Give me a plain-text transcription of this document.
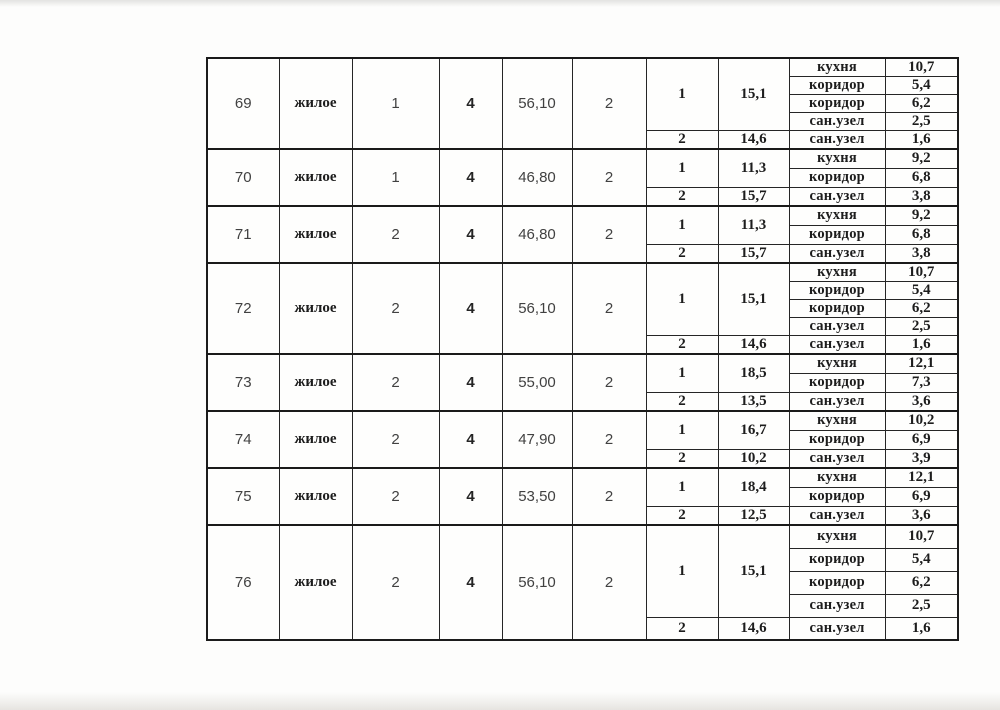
69	жилое	1	4	56,10	2	1	15,1	кухня	10,7
								коридор	5,4
								коридор	6,2
								сан.узел	2,5
						2	14,6	сан.узел	1,6
70	жилое	1	4	46,80	2	1	11,3	кухня	9,2
								коридор	6,8
						2	15,7	сан.узел	3,8
71	жилое	2	4	46,80	2	1	11,3	кухня	9,2
								коридор	6,8
						2	15,7	сан.узел	3,8
72	жилое	2	4	56,10	2	1	15,1	кухня	10,7
								коридор	5,4
								коридор	6,2
								сан.узел	2,5
						2	14,6	сан.узел	1,6
73	жилое	2	4	55,00	2	1	18,5	кухня	12,1
								коридор	7,3
						2	13,5	сан.узел	3,6
74	жилое	2	4	47,90	2	1	16,7	кухня	10,2
								коридор	6,9
						2	10,2	сан.узел	3,9
75	жилое	2	4	53,50	2	1	18,4	кухня	12,1
								коридор	6,9
						2	12,5	сан.узел	3,6
76	жилое	2	4	56,10	2	1	15,1	кухня	10,7
								коридор	5,4
								коридор	6,2
								сан.узел	2,5
						2	14,6	сан.узел	1,6
